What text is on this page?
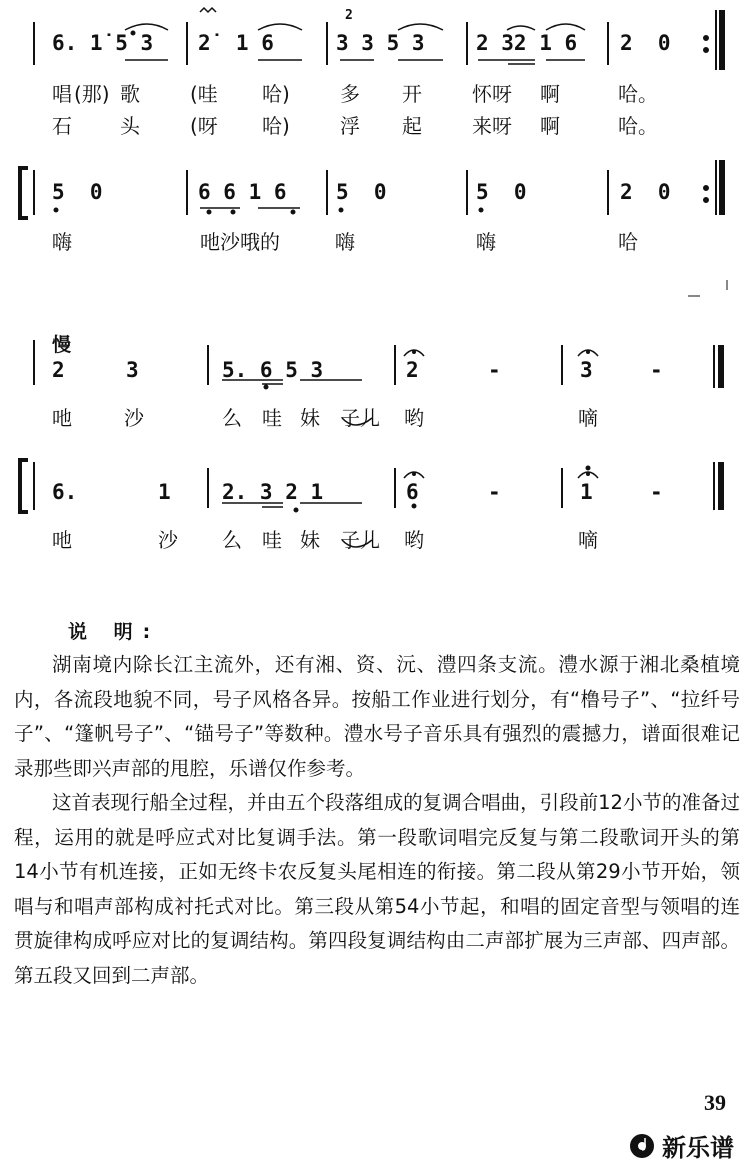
6. 1̇ 5 3 2̇  1 6	3 3 5 3 2 32 1 6 2  0
2
唱 (那) 歌	(哇 哈)	多 开	怀呀 啊	哈。
石 头	(呀 哈)	浮 起	来呀 啊	哈。
5  0	6 6 1 6 5  0	5  0	2  0
嗨	吔沙哦的	嗨	嗨	哈
慢
2	3	5. 6 5 3	2	-	3	-
吔	沙	么 哇 妹 子儿 哟	嘀
6.	1 2. 3 2 1	6	-	1	-
吔	沙 么 哇 妹 子儿 哟	嘀
说 明:

湖南境内除长江主流外，还有湘、资、沅、澧四条支流。澧水源于湘北桑植境内，各流段地貌不同，号子风格各异。按船工作业进行划分，有“橹号子”、“拉纤号子”、“篷帆号子”、“锚号子”等数种。澧水号子音乐具有强烈的震撼力，谱面很难记录那些即兴声部的甩腔，乐谱仅作参考。

这首表现行船全过程，并由五个段落组成的复调合唱曲，引段前12小节的准备过程，运用的就是呼应式对比复调手法。第一段歌词唱完反复与第二段歌词开头的第14小节有机连接，正如无终卡农反复头尾相连的衔接。第二段从第29小节开始，领唱与和唱声部构成衬托式对比。第三段从第54小节起，和唱的固定音型与领唱的连贯旋律构成呼应对比的复调结构。第四段复调结构由二声部扩展为三声部、四声部。第五段又回到二声部。

39
新乐谱
